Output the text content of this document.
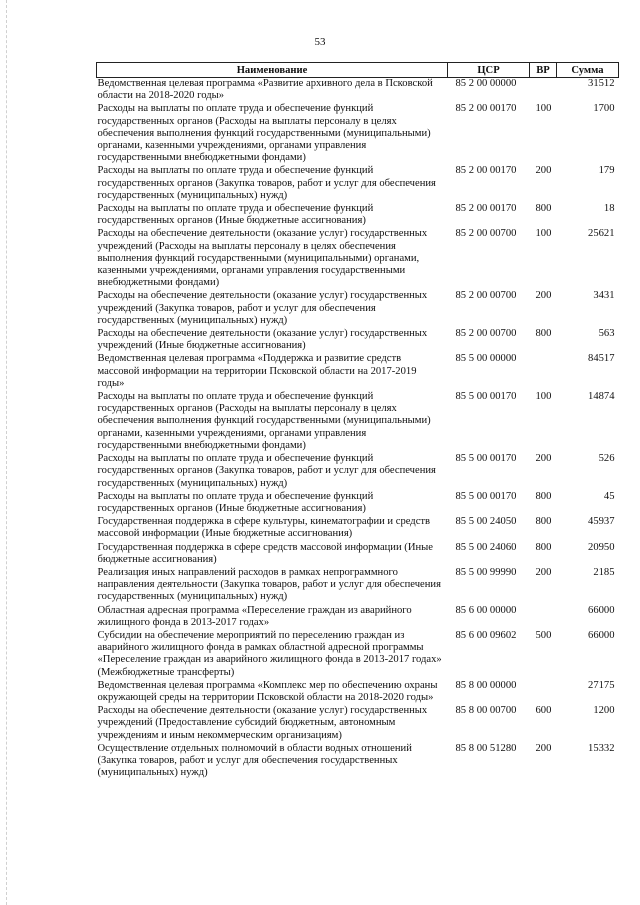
53
Наименование	ЦСР	ВР	Сумма
Ведомственная целевая программа «Развитие архивного дела в Псковской области на 2018-2020 годы»	85 2 00 00000		31512
Расходы на выплаты по оплате труда и обеспечение функций государственных органов (Расходы на выплаты персоналу в целях обеспечения выполнения функций государственными (муниципальными) органами, казенными учреждениями, органами управления государственными внебюджетными фондами)	85 2 00 00170	100	1700
Расходы на выплаты по оплате труда и обеспечение функций государственных органов (Закупка товаров, работ и услуг для обеспечения государственных (муниципальных) нужд)	85 2 00 00170	200	179
Расходы на выплаты по оплате труда и обеспечение функций государственных органов (Иные бюджетные ассигнования)	85 2 00 00170	800	18
Расходы на обеспечение деятельности (оказание услуг) государственных учреждений (Расходы на выплаты персоналу в целях обеспечения выполнения функций государственными (муниципальными) органами, казенными учреждениями, органами управления государственными внебюджетными фондами)	85 2 00 00700	100	25621
Расходы на обеспечение деятельности (оказание услуг) государственных учреждений (Закупка товаров, работ и услуг для обеспечения государственных (муниципальных) нужд)	85 2 00 00700	200	3431
Расходы на обеспечение деятельности (оказание услуг) государственных учреждений (Иные бюджетные ассигнования)	85 2 00 00700	800	563
Ведомственная целевая программа «Поддержка и развитие средств массовой информации на территории Псковской области на 2017-2019 годы»	85 5 00 00000		84517
Расходы на выплаты по оплате труда и обеспечение функций государственных органов (Расходы на выплаты персоналу в целях обеспечения выполнения функций государственными (муниципальными) органами, казенными учреждениями, органами управления государственными внебюджетными фондами)	85 5 00 00170	100	14874
Расходы на выплаты по оплате труда и обеспечение функций государственных органов (Закупка товаров, работ и услуг для обеспечения государственных (муниципальных) нужд)	85 5 00 00170	200	526
Расходы на выплаты по оплате труда и обеспечение функций государственных органов (Иные бюджетные ассигнования)	85 5 00 00170	800	45
Государственная поддержка в сфере культуры, кинематографии и средств массовой информации (Иные бюджетные ассигнования)	85 5 00 24050	800	45937
Государственная поддержка в сфере средств массовой информации (Иные бюджетные ассигнования)	85 5 00 24060	800	20950
Реализация иных направлений расходов в рамках непрограммного направления деятельности (Закупка товаров, работ и услуг для обеспечения государственных (муниципальных) нужд)	85 5 00 99990	200	2185
Областная адресная программа «Переселение граждан из аварийного жилищного фонда в 2013-2017 годах»	85 6 00 00000		66000
Субсидии на обеспечение мероприятий по переселению граждан из аварийного жилищного фонда в рамках областной адресной программы «Переселение граждан из аварийного жилищного фонда в 2013-2017 годах» (Межбюджетные трансферты)	85 6 00 09602	500	66000
Ведомственная целевая программа «Комплекс мер по обеспечению охраны окружающей среды на территории Псковской области на 2018-2020 годы»	85 8 00 00000		27175
Расходы на обеспечение деятельности (оказание услуг) государственных учреждений (Предоставление субсидий бюджетным, автономным учреждениям и иным некоммерческим организациям)	85 8 00 00700	600	1200
Осуществление отдельных полномочий в области водных отношений (Закупка товаров, работ и услуг для обеспечения государственных (муниципальных) нужд)	85 8 00 51280	200	15332
